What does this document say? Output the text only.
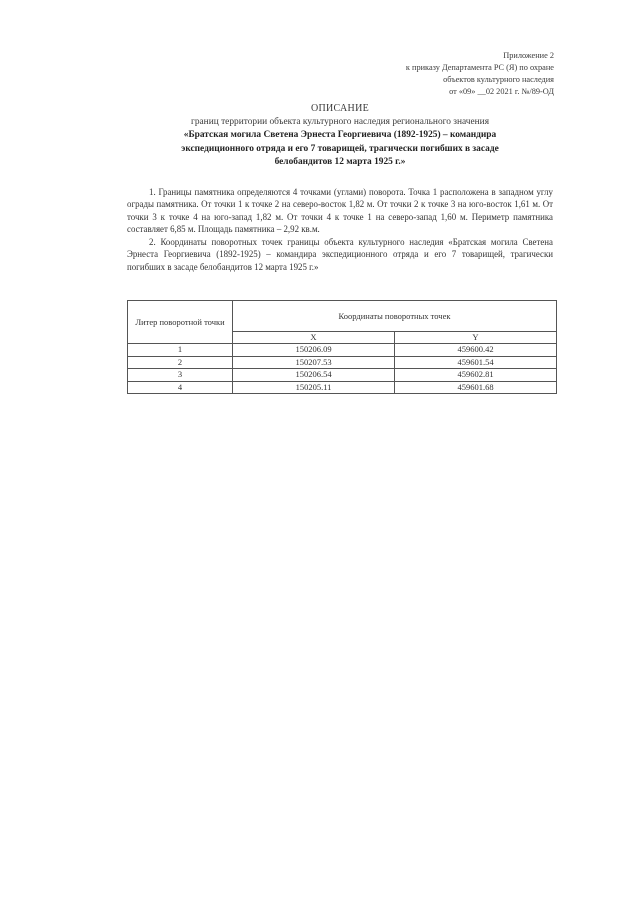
Приложение 2
к приказу Департамента РС (Я) по охране
объектов культурного наследия
от «09» __02 2021 г. №/89-ОД
ОПИСАНИЕ
границ территории объекта культурного наследия регионального значения
«Братская могила Светена Эрнеста Георгиевича (1892-1925) – командира
экспедиционного отряда и его 7 товарищей, трагически погибших в засаде
белобандитов 12 марта 1925 г.»

1. Границы памятника определяются 4 точками (углами) поворота. Точка 1 расположена в западном углу ограды памятника. От точки 1 к точке 2 на северо-восток 1,82 м. От точки 2 к точке 3 на юго-восток 1,61 м. От точки 3 к точке 4 на юго-запад 1,82 м. От точки 4 к точке 1 на северо-запад 1,60 м. Периметр памятника составляет 6,85 м. Площадь памятника – 2,92 кв.м.

2. Координаты поворотных точек границы объекта культурного наследия «Братская могила Светена Эрнеста Георгиевича (1892-1925) – командира экспедиционного отряда и его 7 товарищей, трагически погибших в засаде белобандитов 12 марта 1925 г.»

Литер поворотной точки	Координаты поворотных точек	
	X	Y
1	150206.09	459600.42
2	150207.53	459601.54
3	150206.54	459602.81
4	150205.11	459601.68
